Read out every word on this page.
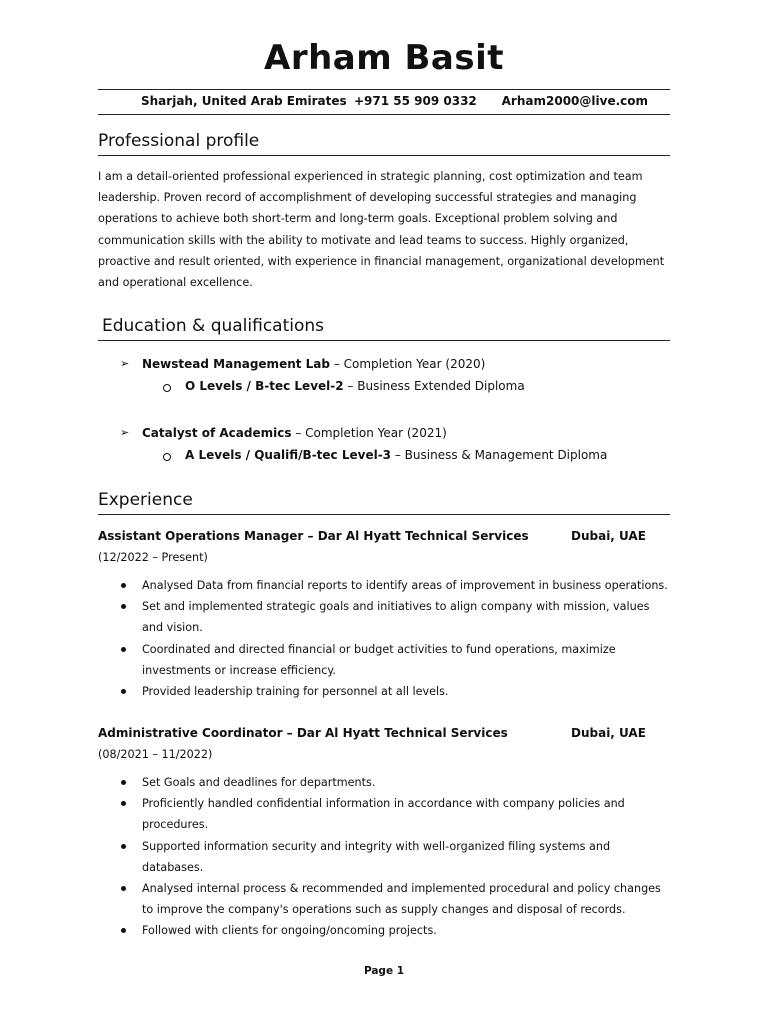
Arham Basit
Sharjah, United Arab Emirates +971 55 909 0332 Arham2000@live.com
Professional profile

I am a detail-oriented professional experienced in strategic planning, cost optimization and team leadership. Proven record of accomplishment of developing successful strategies and managing operations to achieve both short-term and long-term goals. Exceptional problem solving and communication skills with the ability to motivate and lead teams to success. Highly organized, proactive and result oriented, with experience in financial management, organizational development and operational excellence.

Education & qualifications
➢ Newstead Management Lab – Completion Year (2020)
O Levels / B-tec Level-2 – Business Extended Diploma
➢ Catalyst of Academics – Completion Year (2021)
A Levels / Qualifi/B-tec Level-3 – Business & Management Diploma
Experience
Assistant Operations Manager – Dar Al Hyatt Technical Services	Dubai, UAE
(12/2022 – Present)
Analysed Data from financial reports to identify areas of improvement in business operations.
Set and implemented strategic goals and initiatives to align company with mission, values and vision.
Coordinated and directed financial or budget activities to fund operations, maximize investments or increase efficiency.
Provided leadership training for personnel at all levels.
Administrative Coordinator – Dar Al Hyatt Technical Services	Dubai, UAE
(08/2021 – 11/2022)
Set Goals and deadlines for departments.
Proficiently handled confidential information in accordance with company policies and procedures.
Supported information security and integrity with well-organized filing systems and databases.
Analysed internal process & recommended and implemented procedural and policy changes to improve the company's operations such as supply changes and disposal of records.
Followed with clients for ongoing/oncoming projects.
Page 1
